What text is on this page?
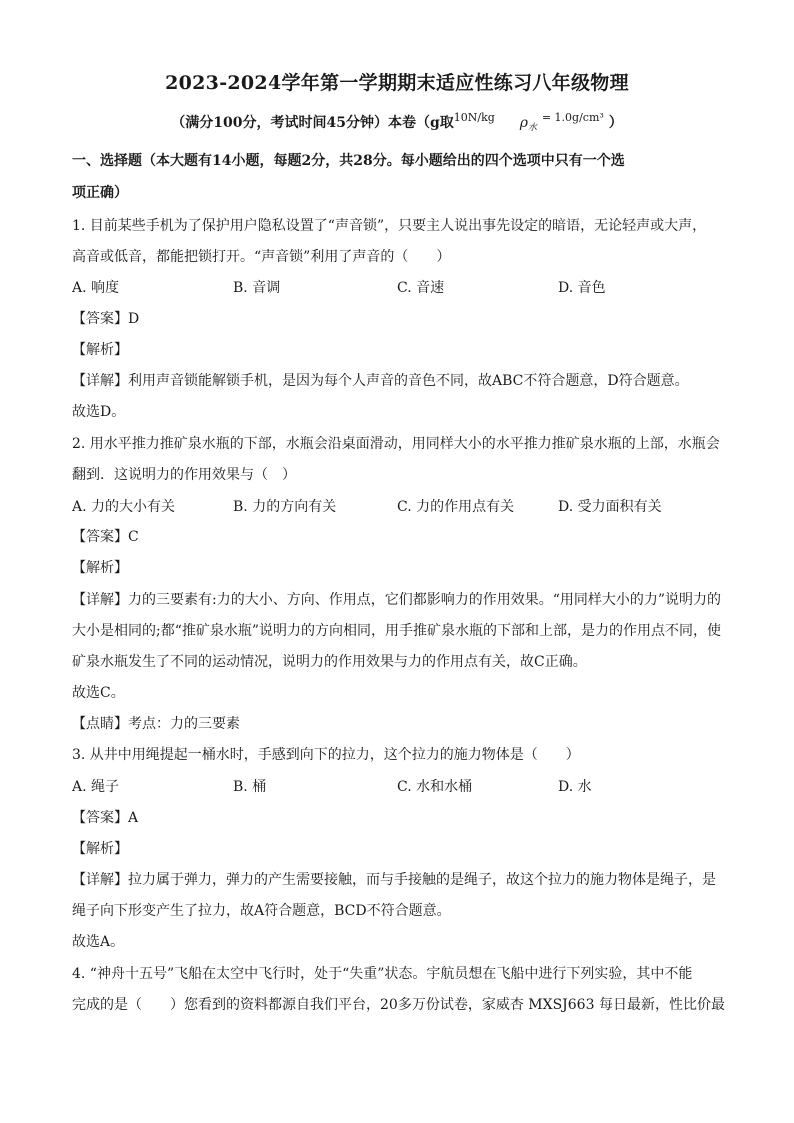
2023-2024学年第一学期期末适应性练习八年级物理
（满分100分，考试时间45分钟）本卷（g取$^{10N/kg}$ $\rho_水$ $^{= 1.0g/cm^3}$ ）
一、选择题（本大题有14小题，每题2分，共28分。每小题给出的四个选项中只有一个选
项正确）
1. 目前某些手机为了保护用户隐私设置了“声音锁”，只要主人说出事先设定的暗语，无论轻声或大声，
高音或低音，都能把锁打开。“声音锁”利用了声音的（　　）
A. 响度	B. 音调	C. 音速	D. 音色
【答案】D
【解析】
【详解】利用声音锁能解锁手机，是因为每个人声音的音色不同，故ABC不符合题意，D符合题意。
故选D。
2. 用水平推力推矿泉水瓶的下部，水瓶会沿桌面滑动，用同样大小的水平推力推矿泉水瓶的上部，水瓶会
翻到．这说明力的作用效果与（　）
A. 力的大小有关	B. 力的方向有关	C. 力的作用点有关	D. 受力面积有关
【答案】C
【解析】
【详解】力的三要素有:力的大小、方向、作用点，它们都影响力的作用效果。“用同样大小的力”说明力的
大小是相同的;都“推矿泉水瓶”说明力的方向相同，用手推矿泉水瓶的下部和上部，是力的作用点不同，使
矿泉水瓶发生了不同的运动情况，说明力的作用效果与力的作用点有关，故C正确。
故选C。
【点睛】考点：力的三要素
3. 从井中用绳提起一桶水时，手感到向下的拉力，这个拉力的施力物体是（　　）
A. 绳子	B. 桶	C. 水和水桶	D. 水
【答案】A
【解析】
【详解】拉力属于弹力，弹力的产生需要接触，而与手接触的是绳子，故这个拉力的施力物体是绳子，是
绳子向下形变产生了拉力，故A符合题意，BCD不符合题意。
故选A。
4. “神舟十五号”飞船在太空中飞行时，处于“失重”状态。宇航员想在飞船中进行下列实验，其中不能
完成的是（　　）您看到的资料都源自我们平台，20多万份试卷，家威杏 MXSJ663 每日最新，性比价最
